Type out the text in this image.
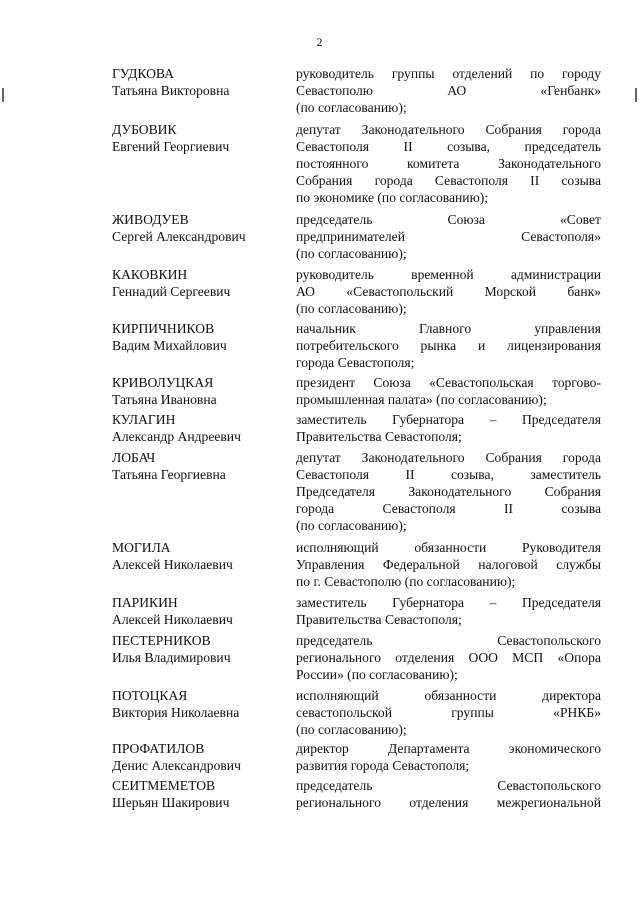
2
ГУДКОВА
Татьяна Викторовна
руководитель группы отделений по городу
Севастополю АО «Генбанк»
(по согласованию);
ДУБОВИК
Евгений Георгиевич
депутат Законодательного Собрания города
Севастополя II созыва, председатель
постоянного комитета Законодательного
Собрания города Севастополя II созыва
по экономике (по согласованию);
ЖИВОДУЕВ
Сергей Александрович
председатель Союза «Совет
предпринимателей Севастополя»
(по согласованию);
КАКОВКИН
Геннадий Сергеевич
руководитель временной администрации
АО «Севастопольский Морской банк»
(по согласованию);
КИРПИЧНИКОВ
Вадим Михайлович
начальник Главного управления
потребительского рынка и лицензирования
города Севастополя;
КРИВОЛУЦКАЯ
Татьяна Ивановна
президент Союза «Севастопольская торгово-
промышленная палата» (по согласованию);
КУЛАГИН
Александр Андреевич
заместитель Губернатора – Председателя
Правительства Севастополя;
ЛОБАЧ
Татьяна Георгиевна
депутат Законодательного Собрания города
Севастополя II созыва, заместитель
Председателя Законодательного Собрания
города Севастополя II созыва
(по согласованию);
МОГИЛА
Алексей Николаевич
исполняющий обязанности Руководителя
Управления Федеральной налоговой службы
по г. Севастополю (по согласованию);
ПАРИКИН
Алексей Николаевич
заместитель Губернатора – Председателя
Правительства Севастополя;
ПЕСТЕРНИКОВ
Илья Владимирович
председатель Севастопольского
регионального отделения ООО МСП «Опора
России» (по согласованию);
ПОТОЦКАЯ
Виктория Николаевна
исполняющий обязанности директора
севастопольской группы «РНКБ»
(по согласованию);
ПРОФАТИЛОВ
Денис Александрович
директор Департамента экономического
развития города Севастополя;
СЕИТМЕМЕТОВ
Шерьян Шакирович
председатель Севастопольского
регионального отделения межрегиональной
